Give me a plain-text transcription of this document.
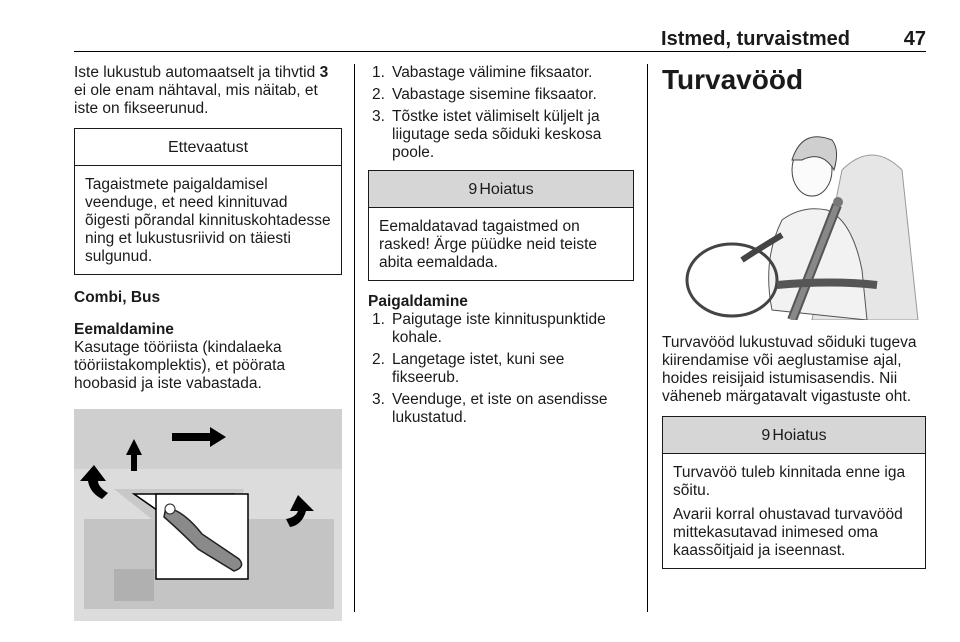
Istmed, turvaistmed	47

Iste lukustub automaatselt ja tihvtid 3 ei ole enam nähtaval, mis näitab, et iste on fikseerunud.

Ettevaatust

Tagaistmete paigaldamisel veenduge, et need kinnituvad õigesti põrandal kinnituskohtadesse ning et lukustusriivid on täiesti sulgunud.

Combi, Bus

Eemaldamine

Kasutage tööriista (kindalaeka tööriistakomplektis), et pöörata hoobasid ja iste vabastada.

1. Vabastage välimine fiksaator.
2. Vabastage sisemine fiksaator.
3. Tõstke istet välimiselt küljelt ja liigutage seda sõiduki keskosa poole.
9 Hoiatus

Eemaldatavad tagaistmed on rasked! Ärge püüdke neid teiste abita eemaldada.

Paigaldamine

1. Paigutage iste kinnituspunktide kohale.
2. Langetage istet, kuni see fikseerub.
3. Veenduge, et iste on asendisse lukustatud.

Turvavööd

Turvavööd lukustuvad sõiduki tugeva kiirendamise või aeglustamise ajal, hoides reisijaid istumisasendis. Nii väheneb märgatavalt vigastuste oht.

9 Hoiatus

Turvavöö tuleb kinnitada enne iga sõitu.

Avarii korral ohustavad turvavööd mittekasutavad inimesed oma kaassõitjaid ja iseennast.
